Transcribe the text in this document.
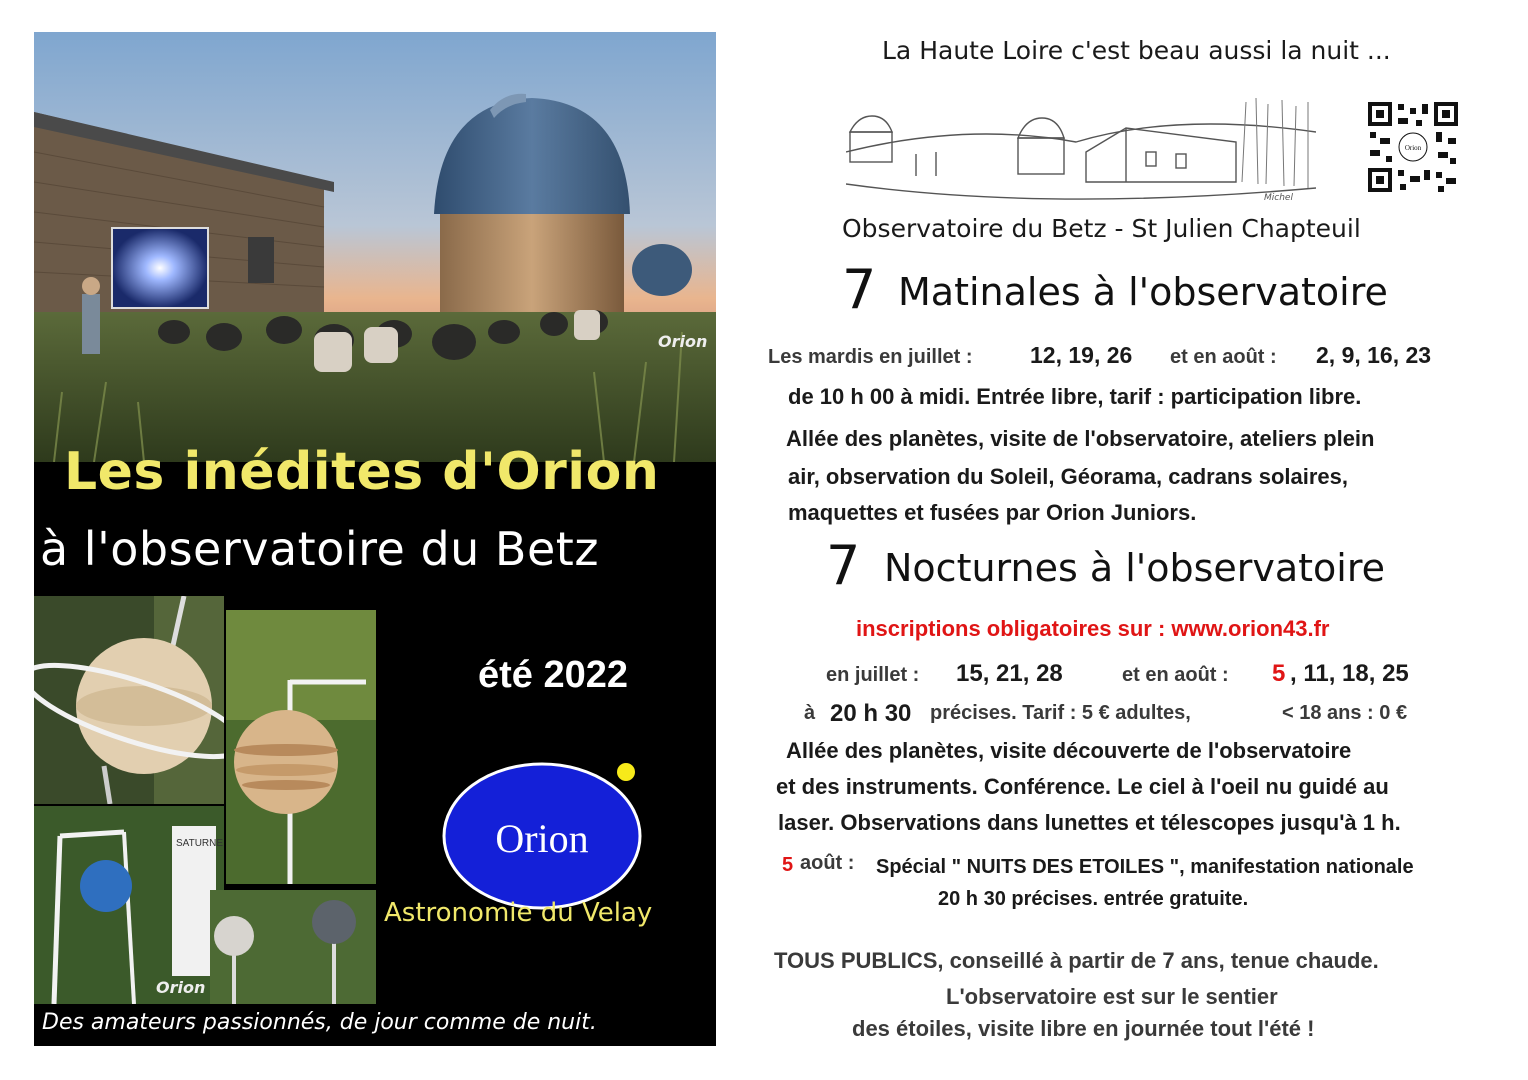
Orion
Les inédites d'Orion
à l'observatoire du Betz
SATURNE
Orion
été 2022
Orion
Astronomie du Velay
Des amateurs passionnés, de jour comme de nuit.
La Haute Loire c'est beau aussi la nuit ...
Michel
Orion
Observatoire du Betz - St Julien Chapteuil
7 Matinales à l'observatoire
Les mardis en juillet : 12, 19, 26 et en août : 2, 9, 16, 23
de 10 h 00 à midi. Entrée libre, tarif : participation libre.
Allée des planètes, visite de l'observatoire, ateliers plein
air, observation du Soleil, Géorama, cadrans solaires,
maquettes et fusées par Orion Juniors.
7 Nocturnes à l'observatoire
inscriptions obligatoires sur : www.orion43.fr
en juillet : 15, 21, 28	et en août : 5 , 11, 18, 25
à 20 h 30 précises. Tarif : 5 € adultes,	< 18 ans : 0 €
Allée des planètes, visite découverte de l'observatoire
et des instruments. Conférence. Le ciel à l'oeil nu guidé au
laser. Observations dans lunettes et télescopes jusqu'à 1 h.
5 août : Spécial " NUITS DES ETOILES ", manifestation nationale
20 h 30 précises. entrée gratuite.
TOUS PUBLICS, conseillé à partir de 7 ans, tenue chaude.
L'observatoire est sur le sentier
des étoiles, visite libre en journée tout l'été !
